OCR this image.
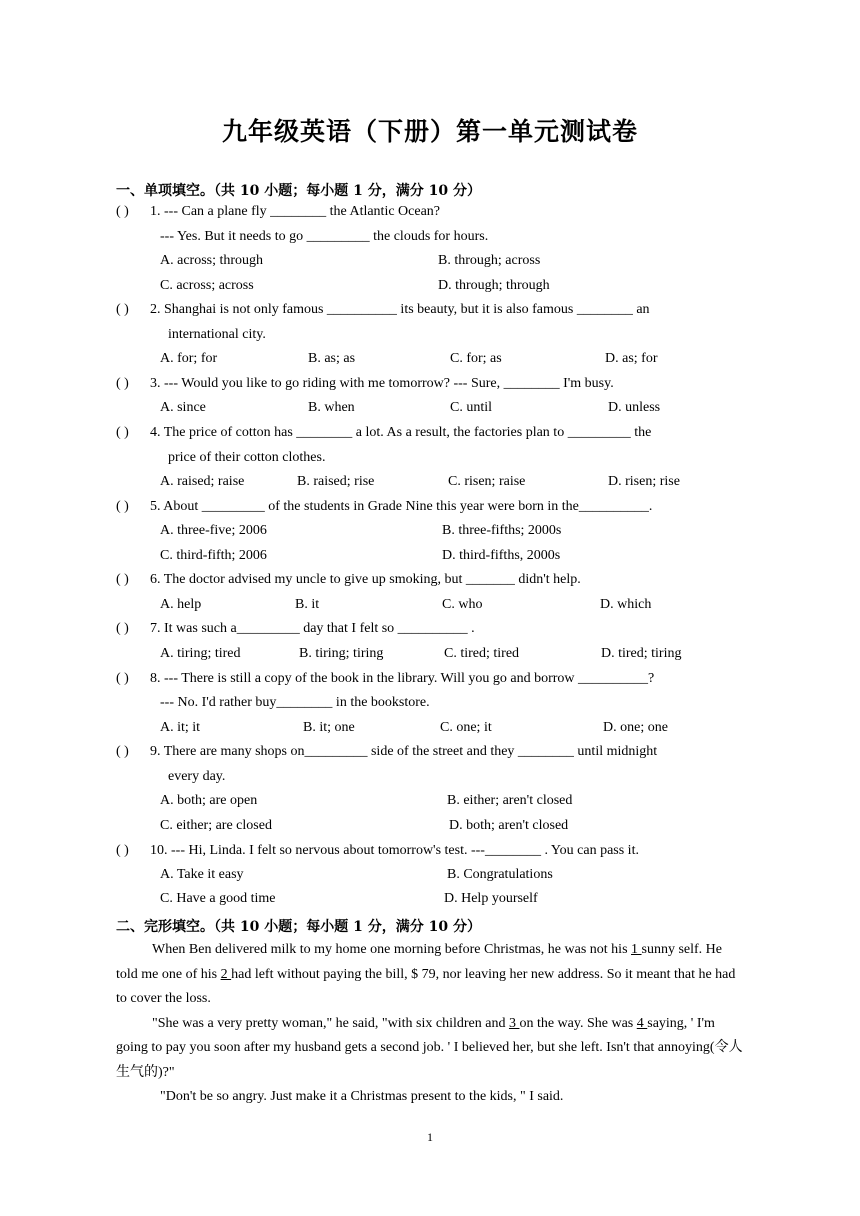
九年级英语（下册）第一单元测试卷
一、单项填空。（共 10 小题；每小题 1 分，满分 10 分）
( ) 1. --- Can a plane fly ________ the Atlantic Ocean?
--- Yes. But it needs to go _________ the clouds for hours.
A. across; through	B. through; across
C. across; across	D. through; through
( ) 2. Shanghai is not only famous __________ its beauty, but it is also famous ________ an
international city.
A. for; for	B. as; as	C. for; as	D. as; for
( ) 3. --- Would you like to go riding with me tomorrow? --- Sure, ________ I'm busy.
A. since	B. when	C. until	D. unless
( ) 4. The price of cotton has ________ a lot. As a result, the factories plan to _________ the
price of their cotton clothes.
A. raised; raise	B. raised; rise	C. risen; raise	D. risen; rise
( ) 5. About _________ of the students in Grade Nine this year were born in the__________.
A. three-five; 2006	B. three-fifths; 2000s
C. third-fifth; 2006	D. third-fifths, 2000s
( ) 6. The doctor advised my uncle to give up smoking, but _______ didn't help.
A. help	B. it	C. who	D. which
( ) 7. It was such a_________ day that I felt so __________ .
A. tiring; tired	B. tiring; tiring	C. tired; tired	D. tired; tiring
( ) 8. --- There is still a copy of the book in the library. Will you go and borrow __________?
--- No. I'd rather buy________ in the bookstore.
A. it; it	B. it; one	C. one; it	D. one; one
( ) 9. There are many shops on_________ side of the street and they ________ until midnight
every day.
A. both; are open	B. either; aren't closed
C. either; are closed	D. both; aren't closed
( ) 10. --- Hi, Linda. I felt so nervous about tomorrow's test. ---________ . You can pass it.
A. Take it easy	B. Congratulations
C. Have a good time	D. Help yourself
二、完形填空。（共 10 小题；每小题 1 分，满分 10 分）

When Ben delivered milk to my home one morning before Christmas, he was not his 1 sunny self. He told me one of his 2 had left without paying the bill, $ 79, nor leaving her new address. So it meant that he had to cover the loss.

"She was a very pretty woman," he said, "with six children and 3 on the way. She was 4 saying, ' I'm going to pay you soon after my husband gets a second job. ' I believed her, but she left. Isn't that annoying(令人生气的)?"

"Don't be so angry. Just make it a Christmas present to the kids, " I said.

1
